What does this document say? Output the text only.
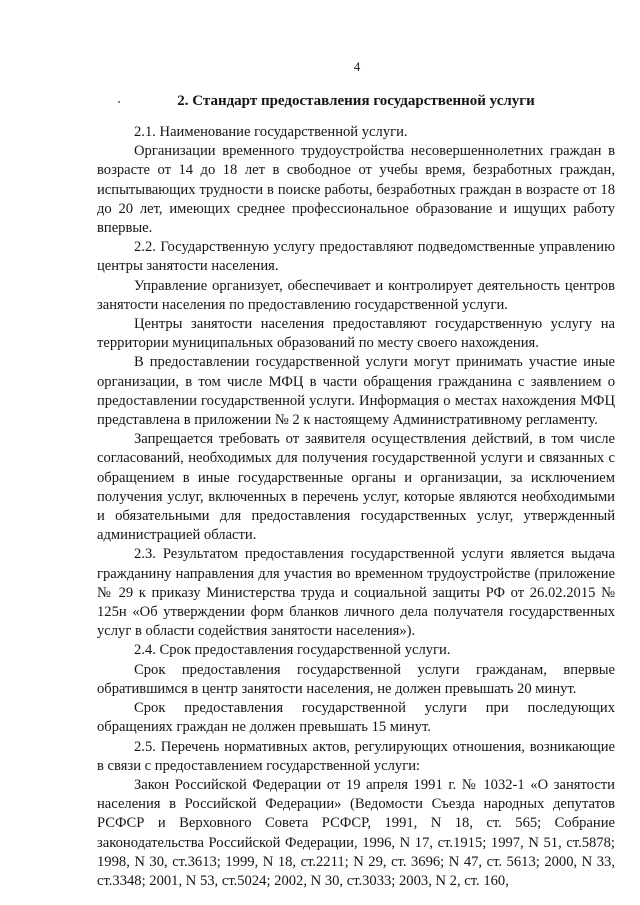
4
2. Стандарт предоставления государственной услуги

2.1. Наименование государственной услуги.

Организации временного трудоустройства несовершеннолетних граждан в возрасте от 14 до 18 лет в свободное от учебы время, безработных граждан, испытывающих трудности в поиске работы, безработных граждан в возрасте от 18 до 20 лет, имеющих среднее профессиональное образование и ищущих работу впервые.

2.2. Государственную услугу предоставляют подведомственные управлению центры занятости населения.

Управление организует, обеспечивает и контролирует деятельность центров занятости населения по предоставлению государственной услуги.

Центры занятости населения предоставляют государственную услугу на территории муниципальных образований по месту своего нахождения.

В предоставлении государственной услуги могут принимать участие иные организации, в том числе МФЦ в части обращения гражданина с заявлением о предоставлении государственной услуги. Информация о местах нахождения МФЦ представлена в приложении № 2 к настоящему Административному регламенту.

Запрещается требовать от заявителя осуществления действий, в том числе согласований, необходимых для получения государственной услуги и связанных с обращением в иные государственные органы и организации, за исключением получения услуг, включенных в перечень услуг, которые являются необходимыми и обязательными для предоставления государственных услуг, утвержденный администрацией области.

2.3. Результатом предоставления государственной услуги является выдача гражданину направления для участия во временном трудоустройстве (приложение № 29 к приказу Министерства труда и социальной защиты РФ от 26.02.2015 № 125н «Об утверждении форм бланков личного дела получателя государственных услуг в области содействия занятости населения»).

2.4. Срок предоставления государственной услуги.

Срок предоставления государственной услуги гражданам, впервые обратившимся в центр занятости населения, не должен превышать 20 минут.

Срок предоставления государственной услуги при последующих обращениях граждан не должен превышать 15 минут.

2.5. Перечень нормативных актов, регулирующих отношения, возникающие в связи с предоставлением государственной услуги:

Закон Российской Федерации от 19 апреля 1991 г. № 1032-1 «О занятости населения в Российской Федерации» (Ведомости Съезда народных депутатов РСФСР и Верховного Совета РСФСР, 1991, N 18, ст. 565; Собрание законодательства Российской Федерации, 1996, N 17, ст.1915; 1997, N 51, ст.5878; 1998, N 30, ст.3613; 1999, N 18, ст.2211; N 29, ст. 3696; N 47, ст. 5613; 2000, N 33, ст.3348; 2001, N 53, ст.5024; 2002, N 30, ст.3033; 2003, N 2, ст. 160,
